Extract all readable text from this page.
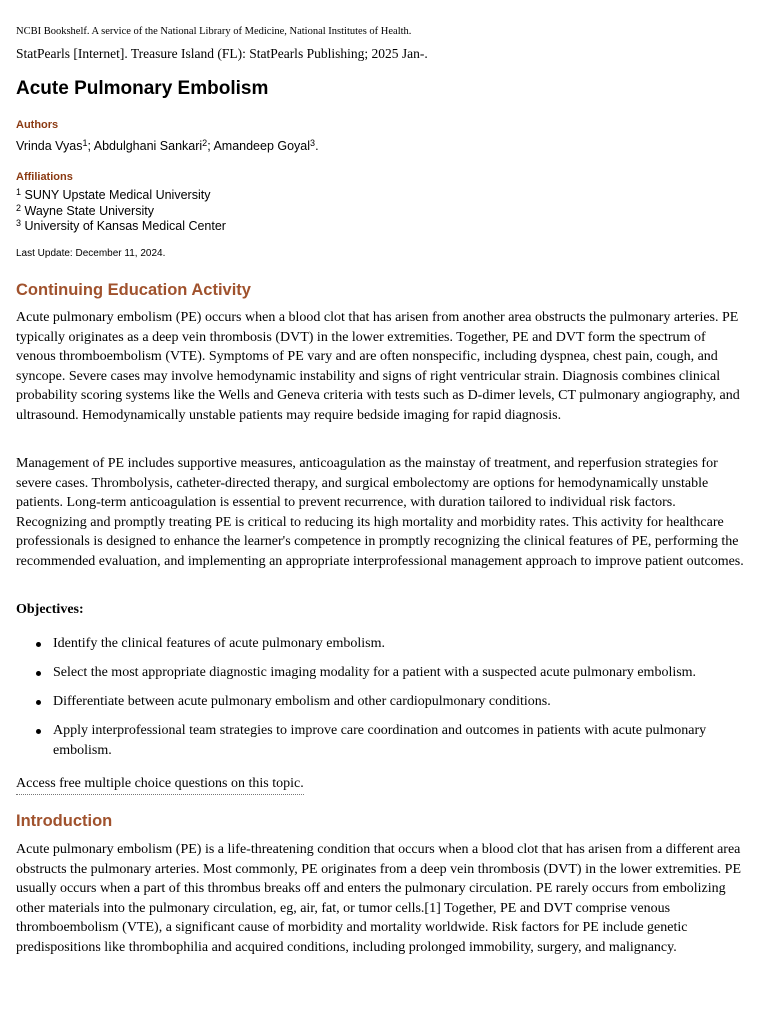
NCBI Bookshelf. A service of the National Library of Medicine, National Institutes of Health.
StatPearls [Internet]. Treasure Island (FL): StatPearls Publishing; 2025 Jan-.
Acute Pulmonary Embolism
Authors
Vrinda Vyas$^1$; Abdulghani Sankari$^2$; Amandeep Goyal$^3$.
Affiliations
$^1$ SUNY Upstate Medical University
$^2$ Wayne State University
$^3$ University of Kansas Medical Center
Last Update: December 11, 2024.
Continuing Education Activity

Acute pulmonary embolism (PE) occurs when a blood clot that has arisen from another area obstructs the pulmonary arteries. PE typically originates as a deep vein thrombosis (DVT) in the lower extremities. Together, PE and DVT form the spectrum of venous thromboembolism (VTE). Symptoms of PE vary and are often nonspecific, including dyspnea, chest pain, cough, and syncope. Severe cases may involve hemodynamic instability and signs of right ventricular strain. Diagnosis combines clinical probability scoring systems like the Wells and Geneva criteria with tests such as D-dimer levels, CT pulmonary angiography, and ultrasound. Hemodynamically unstable patients may require bedside imaging for rapid diagnosis.

Management of PE includes supportive measures, anticoagulation as the mainstay of treatment, and reperfusion strategies for severe cases. Thrombolysis, catheter-directed therapy, and surgical embolectomy are options for hemodynamically unstable patients. Long-term anticoagulation is essential to prevent recurrence, with duration tailored to individual risk factors. Recognizing and promptly treating PE is critical to reducing its high mortality and morbidity rates. This activity for healthcare professionals is designed to enhance the learner's competence in promptly recognizing the clinical features of PE, performing the recommended evaluation, and implementing an appropriate interprofessional management approach to improve patient outcomes.

Objectives:
Identify the clinical features of acute pulmonary embolism.
Select the most appropriate diagnostic imaging modality for a patient with a suspected acute pulmonary embolism.
Differentiate between acute pulmonary embolism and other cardiopulmonary conditions.
Apply interprofessional team strategies to improve care coordination and outcomes in patients with acute pulmonary embolism.
Access free multiple choice questions on this topic.
Introduction

Acute pulmonary embolism (PE) is a life-threatening condition that occurs when a blood clot that has arisen from a different area obstructs the pulmonary arteries. Most commonly, PE originates from a deep vein thrombosis (DVT) in the lower extremities. PE usually occurs when a part of this thrombus breaks off and enters the pulmonary circulation. PE rarely occurs from embolizing other materials into the pulmonary circulation, eg, air, fat, or tumor cells.[1] Together, PE and DVT comprise venous thromboembolism (VTE), a significant cause of morbidity and mortality worldwide. Risk factors for PE include genetic predispositions like thrombophilia and acquired conditions, including prolonged immobility, surgery, and malignancy.
